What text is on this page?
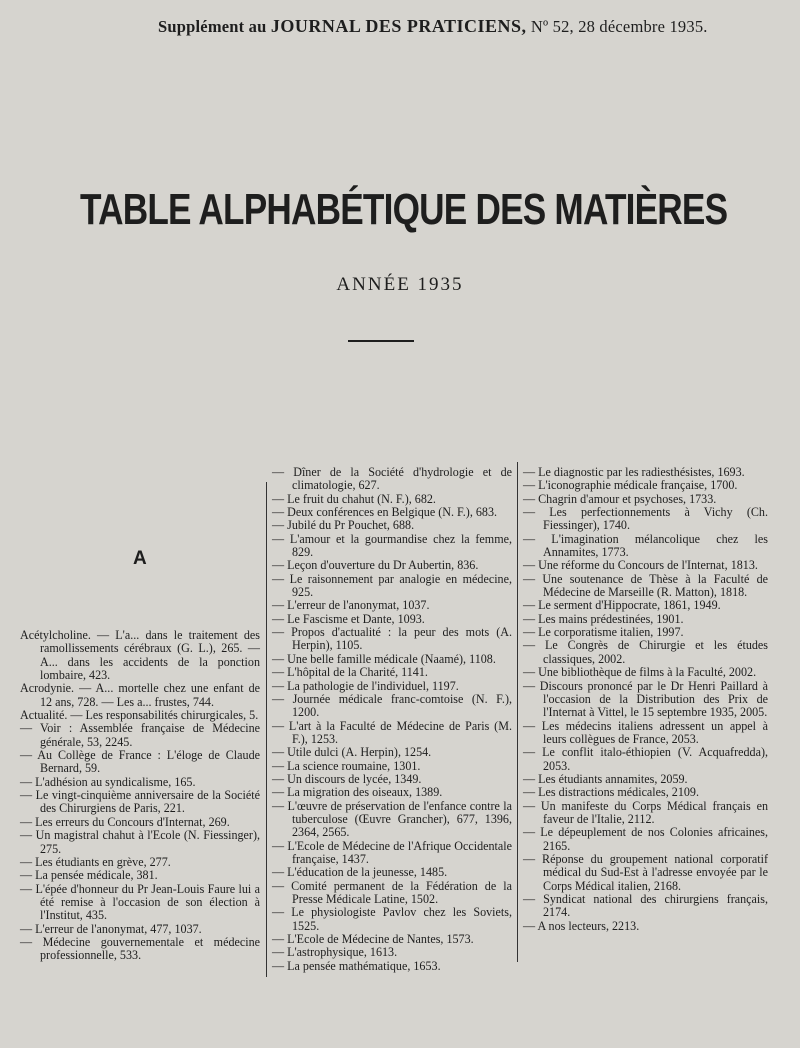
Supplément au JOURNAL DES PRATICIENS, Nº 52, 28 décembre 1935.
TABLE ALPHABÉTIQUE DES MATIÈRES
ANNÉE 1935
A

Acétylcholine. — L'a... dans le traitement des ramollissements cérébraux (G. L.), 265. — A... dans les accidents de la ponction lombaire, 423.

Acrodynie. — A... mortelle chez une enfant de 12 ans, 728. — Les a... frustes, 744.

Actualité. — Les responsabilités chirurgicales, 5.

— Voir : Assemblée française de Médecine générale, 53, 2245.

— Au Collège de France : L'éloge de Claude Bernard, 59.

— L'adhésion au syndicalisme, 165.

— Le vingt-cinquième anniversaire de la Société des Chirurgiens de Paris, 221.

— Les erreurs du Concours d'Internat, 269.

— Un magistral chahut à l'Ecole (N. Fiessinger), 275.

— Les étudiants en grève, 277.

— La pensée médicale, 381.

— L'épée d'honneur du Pr Jean-Louis Faure lui a été remise à l'occasion de son élection à l'Institut, 435.

— L'erreur de l'anonymat, 477, 1037.

— Médecine gouvernementale et médecine professionnelle, 533.

— Dîner de la Société d'hydrologie et de climatologie, 627.

— Le fruit du chahut (N. F.), 682.

— Deux conférences en Belgique (N. F.), 683.

— Jubilé du Pr Pouchet, 688.

— L'amour et la gourmandise chez la femme, 829.

— Leçon d'ouverture du Dr Aubertin, 836.

— Le raisonnement par analogie en médecine, 925.

— L'erreur de l'anonymat, 1037.

— Le Fascisme et Dante, 1093.

— Propos d'actualité : la peur des mots (A. Herpin), 1105.

— Une belle famille médicale (Naamé), 1108.

— L'hôpital de la Charité, 1141.

— La pathologie de l'individuel, 1197.

— Journée médicale franc-comtoise (N. F.), 1200.

— L'art à la Faculté de Médecine de Paris (M. F.), 1253.

— Utile dulci (A. Herpin), 1254.

— La science roumaine, 1301.

— Un discours de lycée, 1349.

— La migration des oiseaux, 1389.

— L'œuvre de préservation de l'enfance contre la tuberculose (Œuvre Grancher), 677, 1396, 2364, 2565.

— L'Ecole de Médecine de l'Afrique Occidentale française, 1437.

— L'éducation de la jeunesse, 1485.

— Comité permanent de la Fédération de la Presse Médicale Latine, 1502.

— Le physiologiste Pavlov chez les Soviets, 1525.

— L'Ecole de Médecine de Nantes, 1573.

— L'astrophysique, 1613.

— La pensée mathématique, 1653.

— Le diagnostic par les radiesthésistes, 1693.

— L'iconographie médicale française, 1700.

— Chagrin d'amour et psychoses, 1733.

— Les perfectionnements à Vichy (Ch. Fiessinger), 1740.

— L'imagination mélancolique chez les Annamites, 1773.

— Une réforme du Concours de l'Internat, 1813.

— Une soutenance de Thèse à la Faculté de Médecine de Marseille (R. Matton), 1818.

— Le serment d'Hippocrate, 1861, 1949.

— Les mains prédestinées, 1901.

— Le corporatisme italien, 1997.

— Le Congrès de Chirurgie et les études classiques, 2002.

— Une bibliothèque de films à la Faculté, 2002.

— Discours prononcé par le Dr Henri Paillard à l'occasion de la Distribution des Prix de l'Internat à Vittel, le 15 septembre 1935, 2005.

— Les médecins italiens adressent un appel à leurs collègues de France, 2053.

— Le conflit italo-éthiopien (V. Acquafredda), 2053.

— Les étudiants annamites, 2059.

— Les distractions médicales, 2109.

— Un manifeste du Corps Médical français en faveur de l'Italie, 2112.

— Le dépeuplement de nos Colonies africaines, 2165.

— Réponse du groupement national corporatif médical du Sud-Est à l'adresse envoyée par le Corps Médical italien, 2168.

— Syndicat national des chirurgiens français, 2174.

— A nos lecteurs, 2213.
